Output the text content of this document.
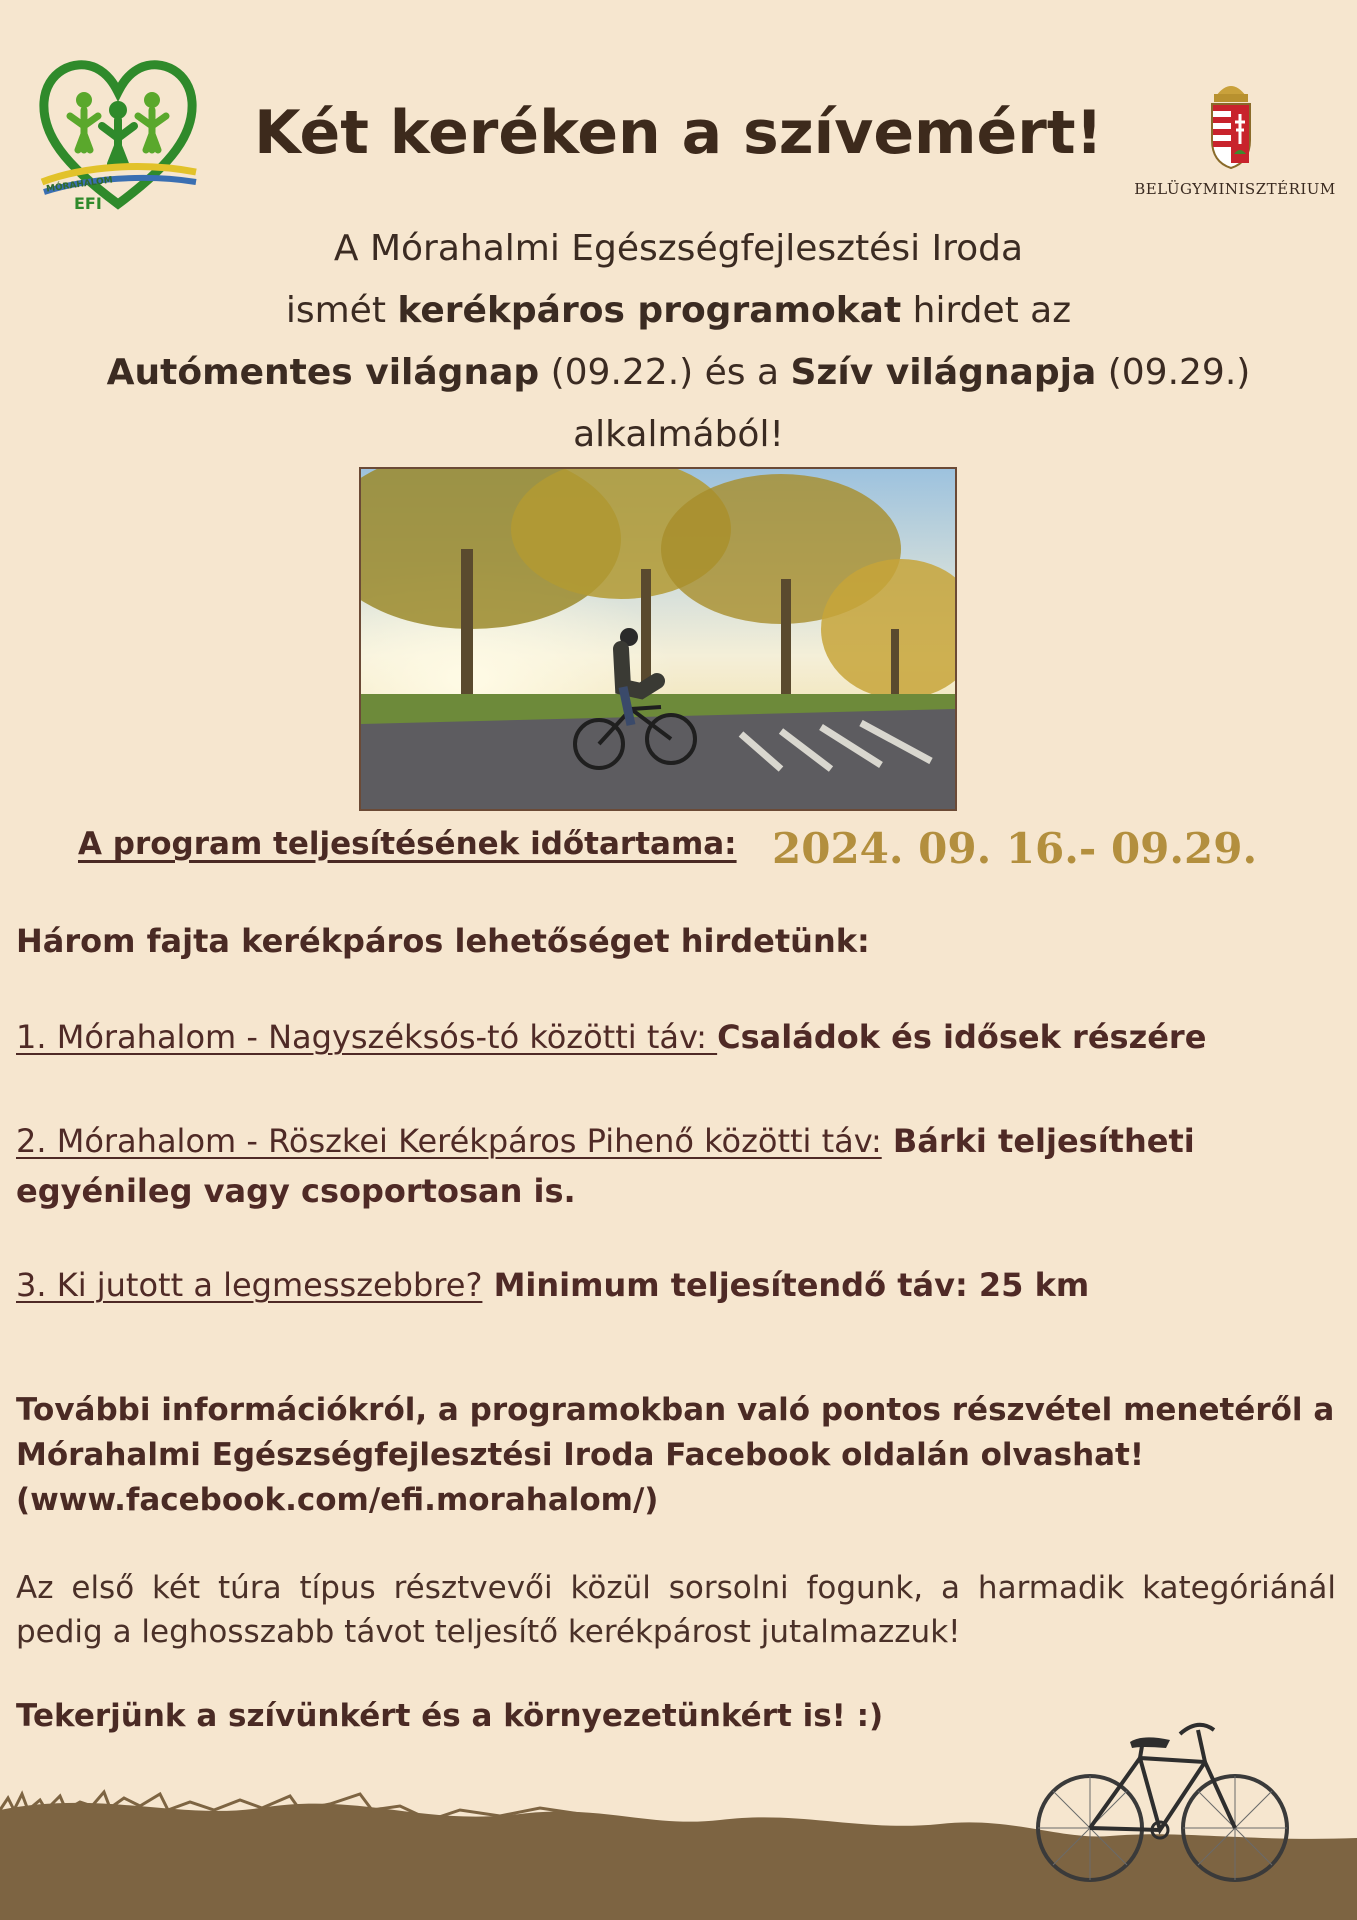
MÓRAHALOM
EFI
BELÜGYMINISZTÉRIUM
Két keréken a szívemért!
A Mórahalmi Egészségfejlesztési Iroda
ismét kerékpáros programokat hirdet az
Autómentes világnap (09.22.) és a Szív világnapja (09.29.)
alkalmából!
A program teljesítésének időtartama: 2024. 09. 16.- 09.29.
Három fajta kerékpáros lehetőséget hirdetünk:
1. Mórahalom - Nagyszéksós-tó közötti táv: Családok és idősek részére
2. Mórahalom - Röszkei Kerékpáros Pihenő közötti táv: Bárki teljesítheti egyénileg vagy csoportosan is.
3. Ki jutott a legmesszebbre? Minimum teljesítendő táv: 25 km
További információkról, a programokban való pontos részvétel menetéről a Mórahalmi Egészségfejlesztési Iroda Facebook oldalán olvashat! (www.facebook.com/efi.morahalom/)
Az első két túra típus résztvevői közül sorsolni fogunk, a harmadik kategóriánál pedig a leghosszabb távot teljesítő kerékpárost jutalmazzuk!
Tekerjünk a szívünkért és a környezetünkért is! :)
